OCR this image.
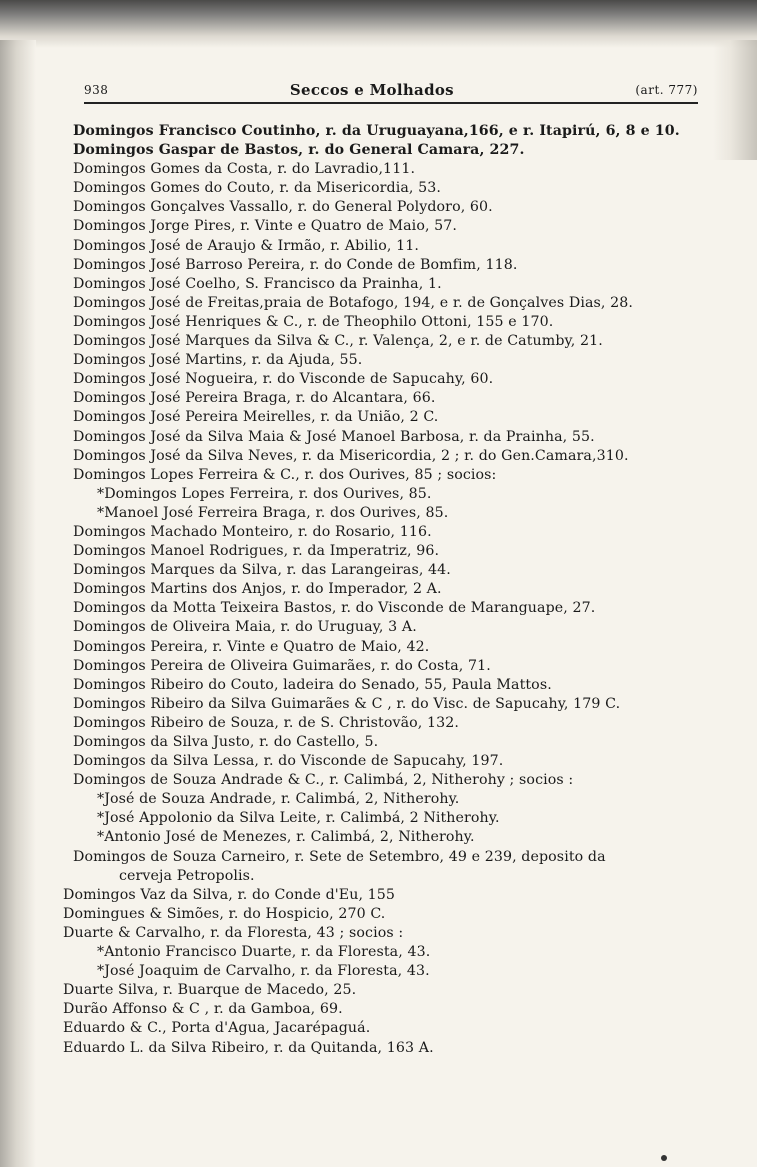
938	Seccos e Molhados	(art. 777)
Domingos Francisco Coutinho, r. da Uruguayana,166, e r. Itapirú, 6, 8 e 10.
Domingos Gaspar de Bastos, r. do General Camara, 227.
Domingos Gomes da Costa, r. do Lavradio,111.
Domingos Gomes do Couto, r. da Misericordia, 53.
Domingos Gonçalves Vassallo, r. do General Polydoro, 60.
Domingos Jorge Pires, r. Vinte e Quatro de Maio, 57.
Domingos José de Araujo & Irmão, r. Abilio, 11.
Domingos José Barroso Pereira, r. do Conde de Bomfim, 118.
Domingos José Coelho, S. Francisco da Prainha, 1.
Domingos José de Freitas,praia de Botafogo, 194, e r. de Gonçalves Dias, 28.
Domingos José Henriques & C., r. de Theophilo Ottoni, 155 e 170.
Domingos José Marques da Silva & C., r. Valença, 2, e r. de Catumby, 21.
Domingos José Martins, r. da Ajuda, 55.
Domingos José Nogueira, r. do Visconde de Sapucahy, 60.
Domingos José Pereira Braga, r. do Alcantara, 66.
Domingos José Pereira Meirelles, r. da União, 2 C.
Domingos José da Silva Maia & José Manoel Barbosa, r. da Prainha, 55.
Domingos José da Silva Neves, r. da Misericordia, 2 ; r. do Gen.Camara,310.
Domingos Lopes Ferreira & C., r. dos Ourives, 85 ; socios:
*Domingos Lopes Ferreira, r. dos Ourives, 85.
*Manoel José Ferreira Braga, r. dos Ourives, 85.
Domingos Machado Monteiro, r. do Rosario, 116.
Domingos Manoel Rodrigues, r. da Imperatriz, 96.
Domingos Marques da Silva, r. das Larangeiras, 44.
Domingos Martins dos Anjos, r. do Imperador, 2 A.
Domingos da Motta Teixeira Bastos, r. do Visconde de Maranguape, 27.
Domingos de Oliveira Maia, r. do Uruguay, 3 A.
Domingos Pereira, r. Vinte e Quatro de Maio, 42.
Domingos Pereira de Oliveira Guimarães, r. do Costa, 71.
Domingos Ribeiro do Couto, ladeira do Senado, 55, Paula Mattos.
Domingos Ribeiro da Silva Guimarães & C , r. do Visc. de Sapucahy, 179 C.
Domingos Ribeiro de Souza, r. de S. Christovão, 132.
Domingos da Silva Justo, r. do Castello, 5.
Domingos da Silva Lessa, r. do Visconde de Sapucahy, 197.
Domingos de Souza Andrade & C., r. Calimbá, 2, Nitherohy ; socios :
*José de Souza Andrade, r. Calimbá, 2, Nitherohy.
*José Appolonio da Silva Leite, r. Calimbá, 2 Nitherohy.
*Antonio José de Menezes, r. Calimbá, 2, Nitherohy.
Domingos de Souza Carneiro, r. Sete de Setembro, 49 e 239, deposito da
cerveja Petropolis.
Domingos Vaz da Silva, r. do Conde d'Eu, 155
Domingues & Simões, r. do Hospicio, 270 C.
Duarte & Carvalho, r. da Floresta, 43 ; socios :
*Antonio Francisco Duarte, r. da Floresta, 43.
*José Joaquim de Carvalho, r. da Floresta, 43.
Duarte Silva, r. Buarque de Macedo, 25.
Durão Affonso & C , r. da Gamboa, 69.
Eduardo & C., Porta d'Agua, Jacarépaguá.
Eduardo L. da Silva Ribeiro, r. da Quitanda, 163 A.
